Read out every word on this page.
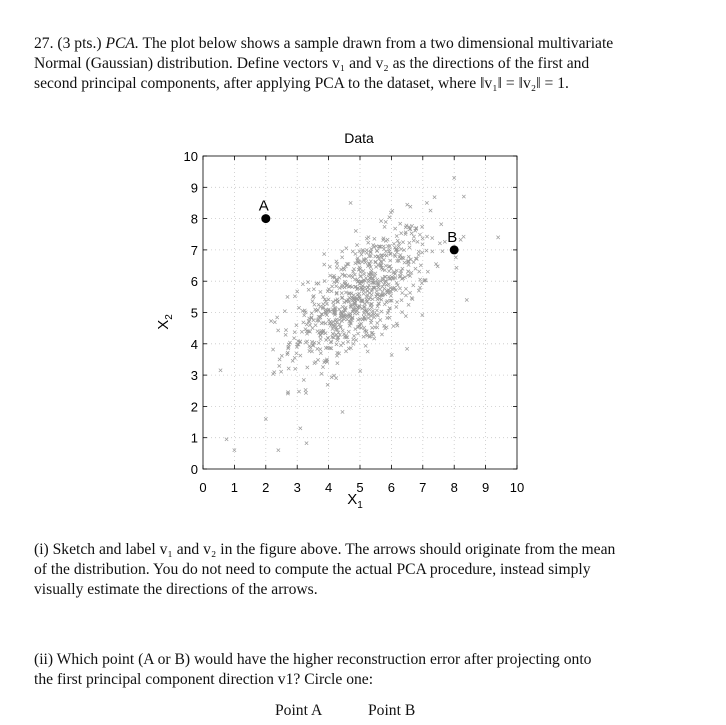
27. (3 pts.) PCA. The plot below shows a sample drawn from a two dimensional multivariate
Normal (Gaussian) distribution. Define vectors v₁ and v₂ as the directions of the first and
second principal components, after applying PCA to the dataset, where ‖v₁‖ = ‖v₂‖ = 1.
0 1 2 3 4 5 6 7 8 9 10
0
1
2
3
4
5
6
7
8
9
10
A
B
Data
$X_1$
$X_2$
(i) Sketch and label v₁ and v₂ in the figure above. The arrows should originate from the mean
of the distribution. You do not need to compute the actual PCA procedure, instead simply
visually estimate the directions of the arrows.
(ii) Which point (A or B) would have the higher reconstruction error after projecting onto
the first principal component direction v1? Circle one:
Point A	Point B
